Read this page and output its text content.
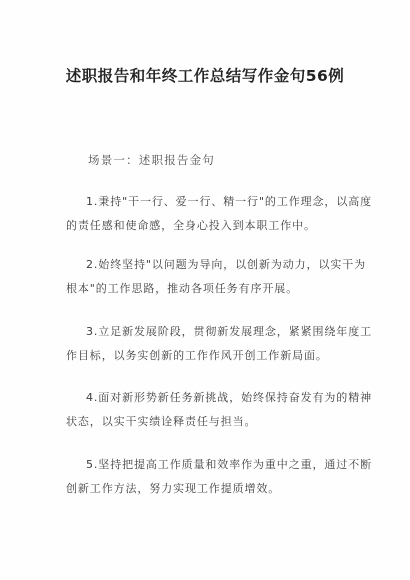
述职报告和年终工作总结写作金句56例
场景一：述职报告金句
1.秉持"干一行、爱一行、精一行"的工作理念，以高度
的责任感和使命感，全身心投入到本职工作中。
2.始终坚持"以问题为导向，以创新为动力，以实干为
根本"的工作思路，推动各项任务有序开展。
3.立足新发展阶段，贯彻新发展理念，紧紧围绕年度工
作目标，以务实创新的工作作风开创工作新局面。
4.面对新形势新任务新挑战，始终保持奋发有为的精神
状态，以实干实绩诠释责任与担当。
5.坚持把提高工作质量和效率作为重中之重，通过不断
创新工作方法，努力实现工作提质增效。
